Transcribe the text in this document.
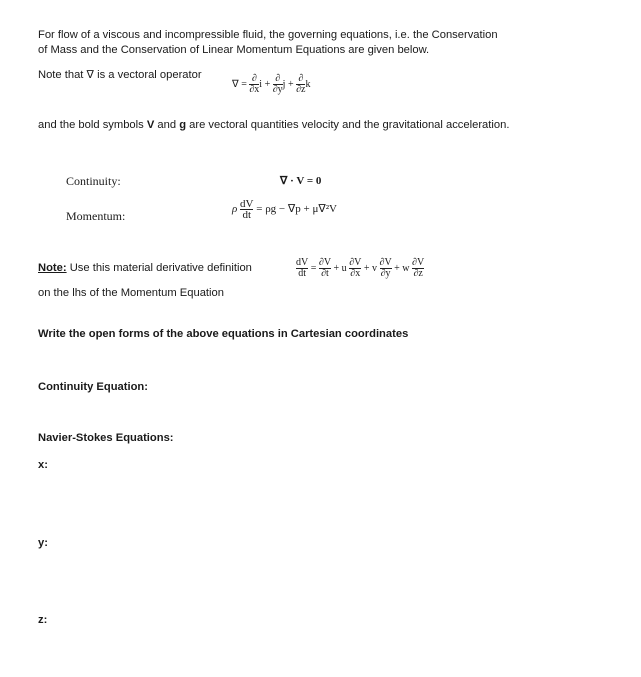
For flow of a viscous and incompressible fluid, the governing equations, i.e. the Conservation
of Mass and the Conservation of Linear Momentum Equations are given below.
Note that ∇ is a vectoral operator
∇ = $\frac{\partial}{\partial x}$ $i + \frac{\partial}{\partial y}$ $j + \frac{\partial}{\partial z}$ k
and the bold symbols V and g are vectoral quantities velocity and the gravitational acceleration.
Continuity:	∇ · V = 0
Momentum:	ρ $\frac{dV}{dt} = \rho g - \nabla p + \mu\nabla^2V$
Note: Use this material derivative definition
on the lhs of the Momentum Equation
$\frac{dV}{dt} = \frac{\partial V}{\partial t} + u \frac{\partial V}{\partial x} + v \frac{\partial V}{\partial y} + w \frac{\partial V}{\partial z}$
Write the open forms of the above equations in Cartesian coordinates
Continuity Equation:
Navier-Stokes Equations:
x:
y:
z:
